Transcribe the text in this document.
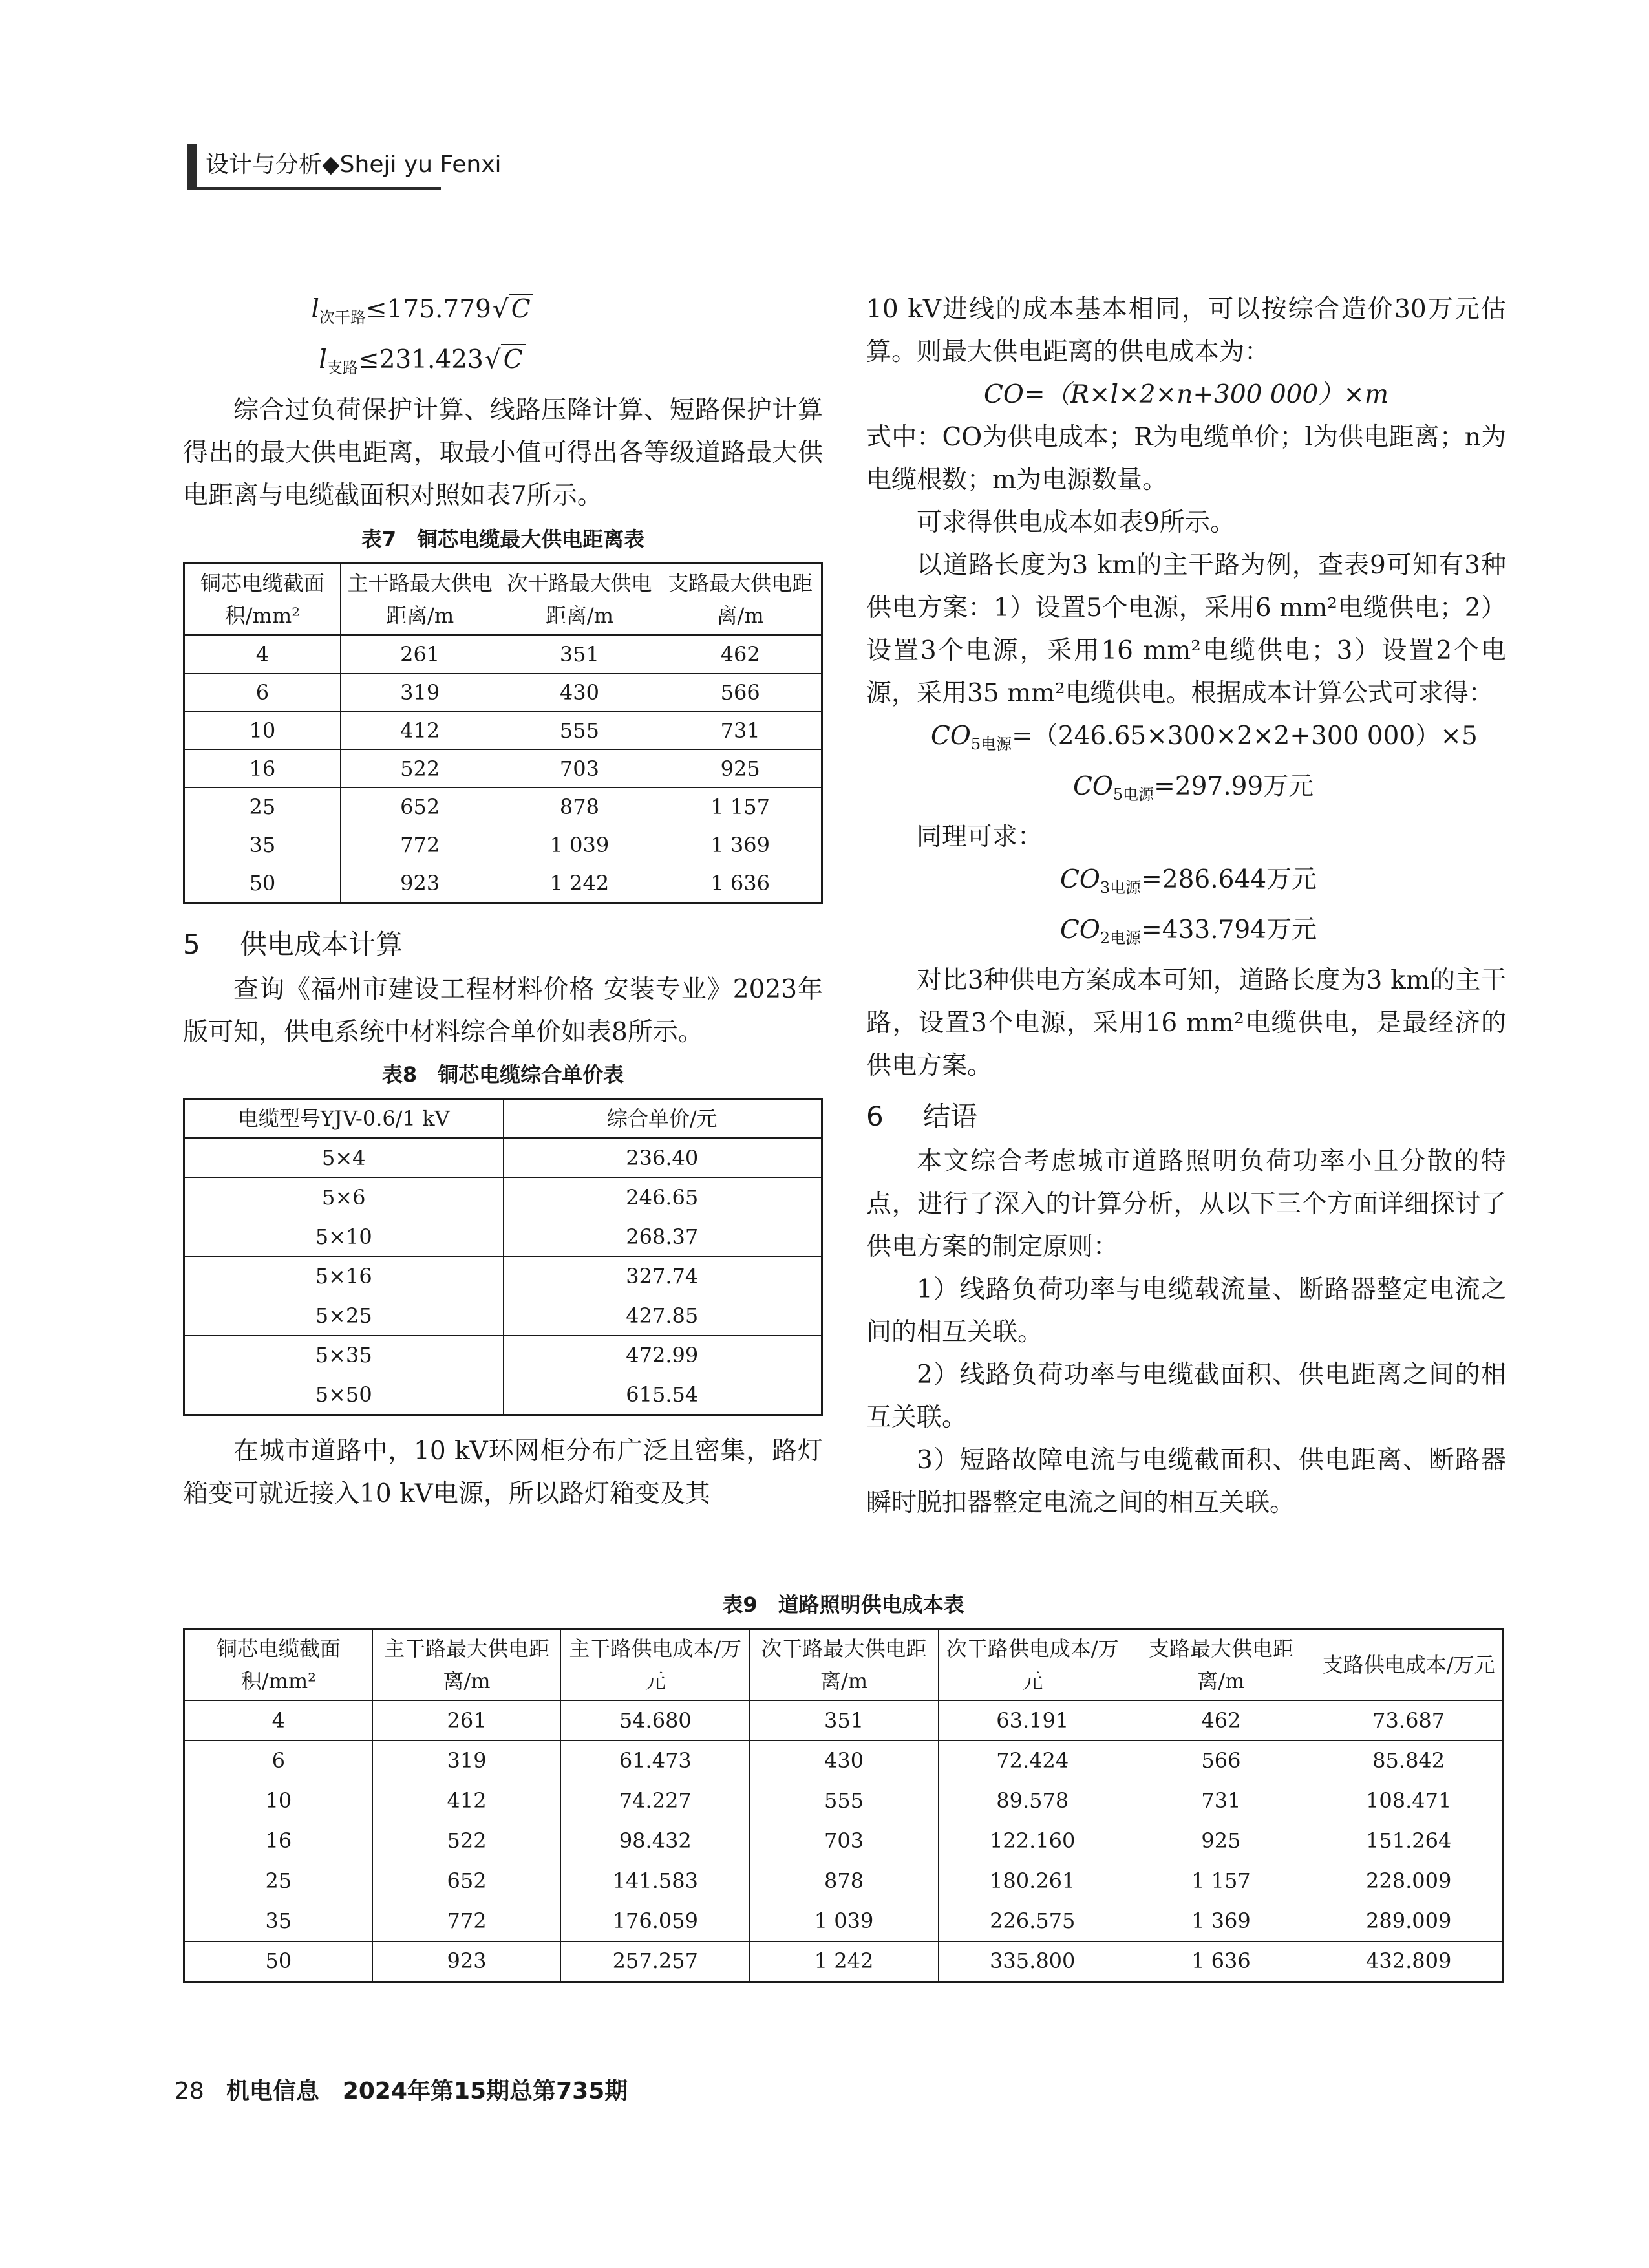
设计与分析◆Sheji yu Fenxi

$l_{次干路}\le 175.779√$ C

$l_{支路}\le 231.423√$ C

综合过负荷保护计算、线路压降计算、短路保护计算得出的最大供电距离，取最小值可得出各等级道路最大供电距离与电缆截面积对照如表7所示。

表7　铜芯电缆最大供电距离表
铜芯电缆截面积/mm²	主干路最大供电距离/m	次干路最大供电距离/m	支路最大供电距离/m
4	261	351	462
6	319	430	566
10	412	555	731
16	522	703	925
25	652	878	1 157
35	772	1 039	1 369
50	923	1 242	1 636

5 供电成本计算

查询《福州市建设工程材料价格 安装专业》2023年版可知，供电系统中材料综合单价如表8所示。

表8　铜芯电缆综合单价表
电缆型号YJV-0.6/1 kV	综合单价/元
5×4	236.40
5×6	246.65
5×10	268.37
5×16	327.74
5×25	427.85
5×35	472.99
5×50	615.54

在城市道路中，10 kV环网柜分布广泛且密集，路灯箱变可就近接入10 kV电源，所以路灯箱变及其

10 kV进线的成本基本相同，可以按综合造价30万元估算。则最大供电距离的供电成本为：

CO=（R×l×2×n+300 000）×m

式中：CO为供电成本；R为电缆单价；l为供电距离；n为电缆根数；m为电源数量。

可求得供电成本如表9所示。

以道路长度为3 km的主干路为例，查表9可知有3种供电方案：1）设置5个电源，采用6 mm²电缆供电；2）设置3个电源，采用16 mm²电缆供电；3）设置2个电源，采用35 mm²电缆供电。根据成本计算公式可求得：

$CO_{5电源}=(246.65\times 300\times 2\times 2+300$ 000）×5

$CO_{5电源}=297.99$万元

同理可求：

$CO_{3电源}=286.644$万元

$CO_{2电源}=433.794$万元

对比3种供电方案成本可知，道路长度为3 km的主干路，设置3个电源，采用16 mm²电缆供电，是最经济的供电方案。

6 结语

本文综合考虑城市道路照明负荷功率小且分散的特点，进行了深入的计算分析，从以下三个方面详细探讨了供电方案的制定原则：

1）线路负荷功率与电缆载流量、断路器整定电流之间的相互关联。

2）线路负荷功率与电缆截面积、供电距离之间的相互关联。

3）短路故障电流与电缆截面积、供电距离、断路器瞬时脱扣器整定电流之间的相互关联。

表9　道路照明供电成本表
铜芯电缆截面积/mm²	主干路最大供电距离/m	主干路供电成本/万元	次干路最大供电距离/m	次干路供电成本/万元	支路最大供电距离/m	支路供电成本/万元
4	261	54.680	351	63.191	462	73.687
6	319	61.473	430	72.424	566	85.842
10	412	74.227	555	89.578	731	108.471
16	522	98.432	703	122.160	925	151.264
25	652	141.583	878	180.261	1 157	228.009
35	772	176.059	1 039	226.575	1 369	289.009
50	923	257.257	1 242	335.800	1 636	432.809
28 机电信息　2024年第15期总第735期
